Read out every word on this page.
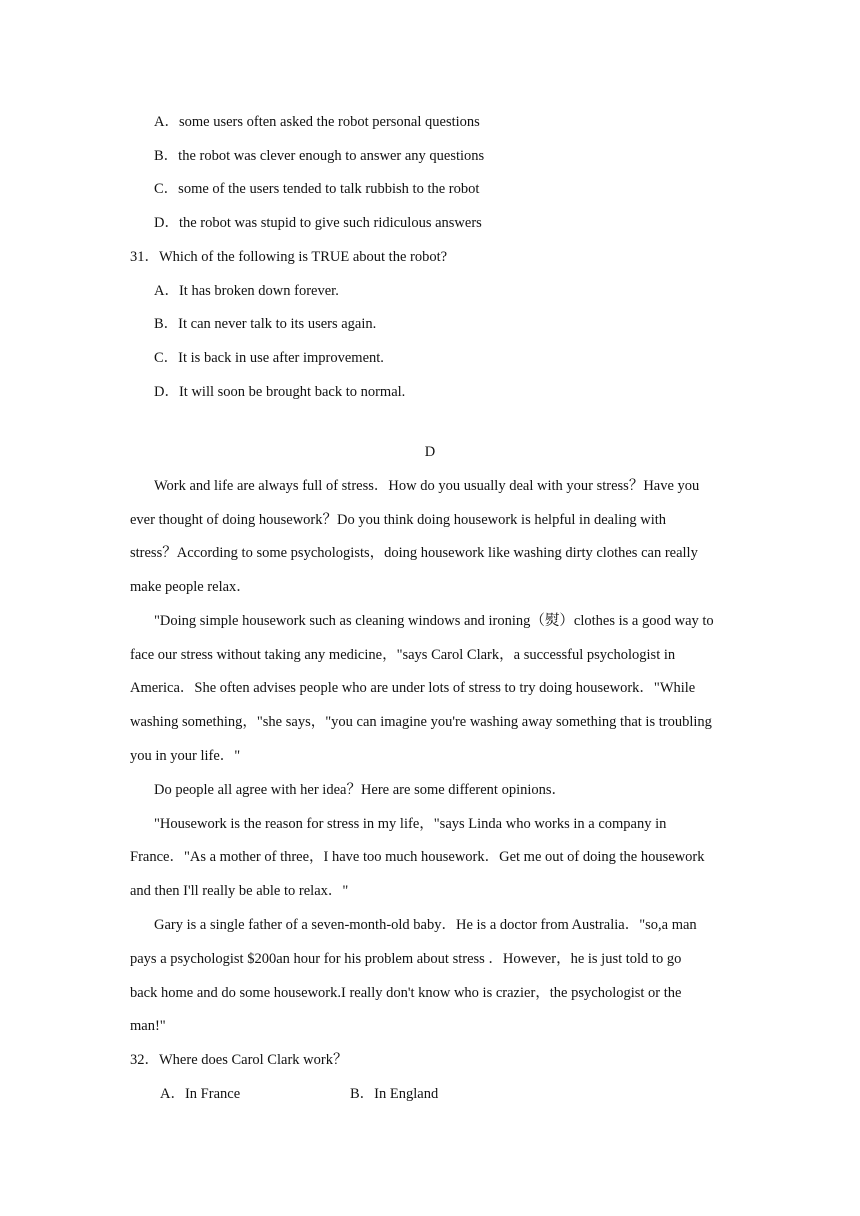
A．some users often asked the robot personal questions
B．the robot was clever enough to answer any questions
C．some of the users tended to talk rubbish to the robot
D．the robot was stupid to give such ridiculous answers
31．Which of the following is TRUE about the robot?
A．It has broken down forever.
B．It can never talk to its users again.
C．It is back in use after improvement.
D．It will soon be brought back to normal.
D
Work and life are always full of stress．How do you usually deal with your stress？Have you
ever thought of doing housework？Do you think doing housework is helpful in dealing with
stress？According to some psychologists，doing housework like washing dirty clothes can really
make people relax．
"Doing simple housework such as cleaning windows and ironing（熨）clothes is a good way to
face our stress without taking any medicine，"says Carol Clark，a successful psychologist in
America．She often advises people who are under lots of stress to try doing housework．"While
washing something，"she says，"you can imagine you're washing away something that is troubling
you in your life．"
Do people all agree with her idea？Here are some different opinions．
"Housework is the reason for stress in my life，"says Linda who works in a company in
France．"As a mother of three，I have too much housework．Get me out of doing the housework
and then I'll really be able to relax．"
Gary is a single father of a seven-month-old baby．He is a doctor from Australia．"so,a man
pays a psychologist $200an hour for his problem about stress ．However，he is just told to go
back home and do some housework.I really don't know who is crazier，the psychologist or the
man!"
32．Where does Carol Clark work？
A．In France	B．In England
